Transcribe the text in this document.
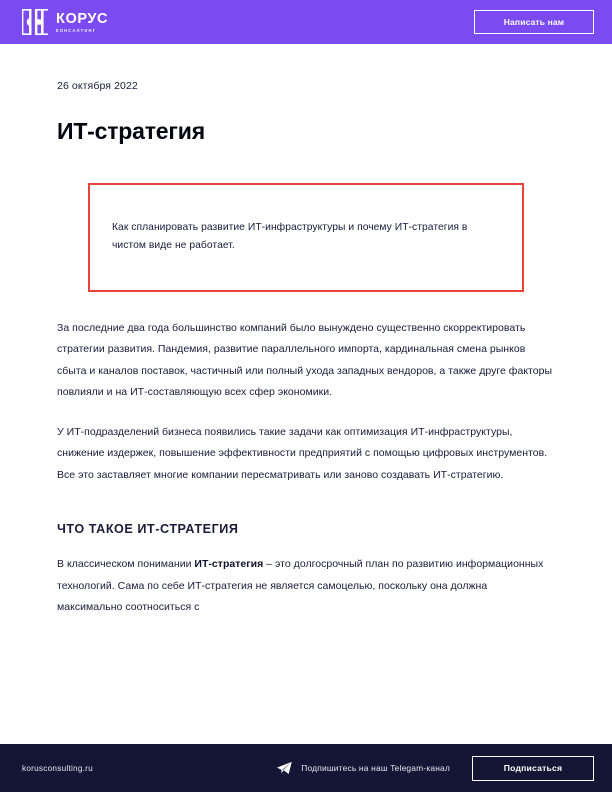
КОРУС
КОНСАЛТИНГ
Написать нам
26 октября 2022
ИТ-стратегия

Как спланировать развитие ИТ-инфраструктуры и почему ИТ-стратегия в чистом виде не работает.

За последние два года большинство компаний было вынуждено существенно скорректировать стратегии развития. Пандемия, развитие параллельного импорта, кардинальная смена рынков сбыта и каналов поставок, частичный или полный ухода западных вендоров, а также друге факторы повлияли и на ИТ-составляющую всех сфер экономики.

У ИТ-подразделений бизнеса появились такие задачи как оптимизация ИТ-инфраструктуры, снижение издержек, повышение эффективности предприятий с помощью цифровых инструментов. Все это заставляет многие компании пересматривать или заново создавать ИТ-стратегию.

ЧТО ТАКОЕ ИТ-СТРАТЕГИЯ

В классическом понимании ИТ-стратегия – это долгосрочный план по развитию информационных технологий. Сама по себе ИТ-стратегия не является самоцелью, поскольку она должна максимально соотноситься с

korusconsulting.ru	Подпишитесь на наш Telegam-канал	Подписаться
